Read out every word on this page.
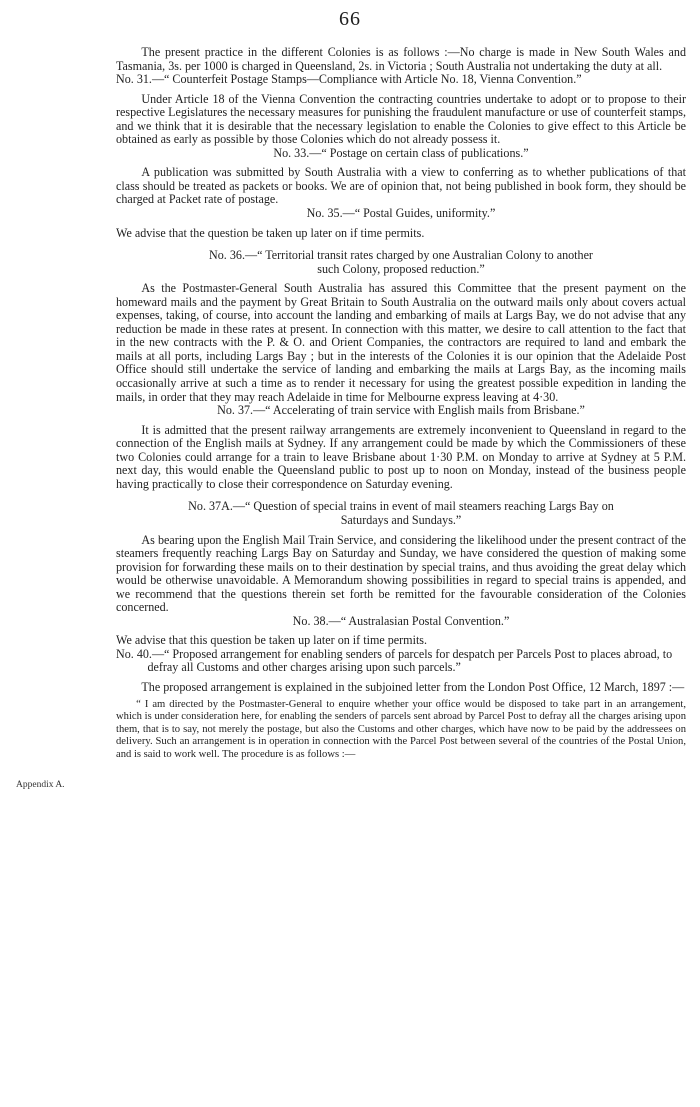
66
Appendix A.

The present practice in the different Colonies is as follows :—No charge is made in New South Wales and Tasmania, 3s. per 1000 is charged in Queensland, 2s. in Victoria ; South Australia not undertaking the duty at all.

No. 31.—“ Counterfeit Postage Stamps—Compliance with Article No. 18, Vienna Convention.”

Under Article 18 of the Vienna Convention the contracting countries undertake to adopt or to propose to their respective Legislatures the necessary measures for punishing the fraudulent manufacture or use of counterfeit stamps, and we think that it is desirable that the necessary legislation to enable the Colonies to give effect to this Article be obtained as early as possible by those Colonies which do not already possess it.

No. 33.—“ Postage on certain class of publications.”

A publication was submitted by South Australia with a view to conferring as to whether publications of that class should be treated as packets or books. We are of opinion that, not being published in book form, they should be charged at Packet rate of postage.

No. 35.—“ Postal Guides, uniformity.”

We advise that the question be taken up later on if time permits.

No. 36.—“ Territorial transit rates charged by one Australian Colony to another

such Colony, proposed reduction.”

As the Postmaster-General South Australia has assured this Committee that the present payment on the homeward mails and the payment by Great Britain to South Australia on the outward mails only about covers actual expenses, taking, of course, into account the landing and embarking of mails at Largs Bay, we do not advise that any reduction be made in these rates at present. In connection with this matter, we desire to call attention to the fact that in the new contracts with the P. & O. and Orient Companies, the contractors are required to land and embark the mails at all ports, including Largs Bay ; but in the interests of the Colonies it is our opinion that the Adelaide Post Office should still undertake the service of landing and embarking the mails at Largs Bay, as the incoming mails occasionally arrive at such a time as to render it necessary for using the greatest possible expedition in landing the mails, in order that they may reach Adelaide in time for Melbourne express leaving at 4·30.

No. 37.—“ Accelerating of train service with English mails from Brisbane.”

It is admitted that the present railway arrangements are extremely inconvenient to Queensland in regard to the connection of the English mails at Sydney. If any arrangement could be made by which the Commissioners of these two Colonies could arrange for a train to leave Brisbane about 1·30 P.M. on Monday to arrive at Sydney at 5 P.M. next day, this would enable the Queensland public to post up to noon on Monday, instead of the business people having practically to close their correspondence on Saturday evening.

No. 37A.—“ Question of special trains in event of mail steamers reaching Largs Bay on

Saturdays and Sundays.”

As bearing upon the English Mail Train Service, and considering the likelihood under the present contract of the steamers frequently reaching Largs Bay on Saturday and Sunday, we have considered the question of making some provision for forwarding these mails on to their destination by special trains, and thus avoiding the great delay which would be otherwise unavoidable. A Memorandum showing possibilities in regard to special trains is appended, and we recommend that the questions therein set forth be remitted for the favourable consideration of the Colonies concerned.

No. 38.—“ Australasian Postal Convention.”

We advise that this question be taken up later on if time permits.

No. 40.—“ Proposed arrangement for enabling senders of parcels for despatch per Parcels Post to places abroad, to defray all Customs and other charges arising upon such parcels.”

The proposed arrangement is explained in the subjoined letter from the London Post Office, 12 March, 1897 :—

“ I am directed by the Postmaster-General to enquire whether your office would be disposed to take part in an arrangement, which is under consideration here, for enabling the senders of parcels sent abroad by Parcel Post to defray all the charges arising upon them, that is to say, not merely the postage, but also the Customs and other charges, which have now to be paid by the addressees on delivery. Such an arrangement is in operation in connection with the Parcel Post between several of the countries of the Postal Union, and is said to work well. The procedure is as follows :—
